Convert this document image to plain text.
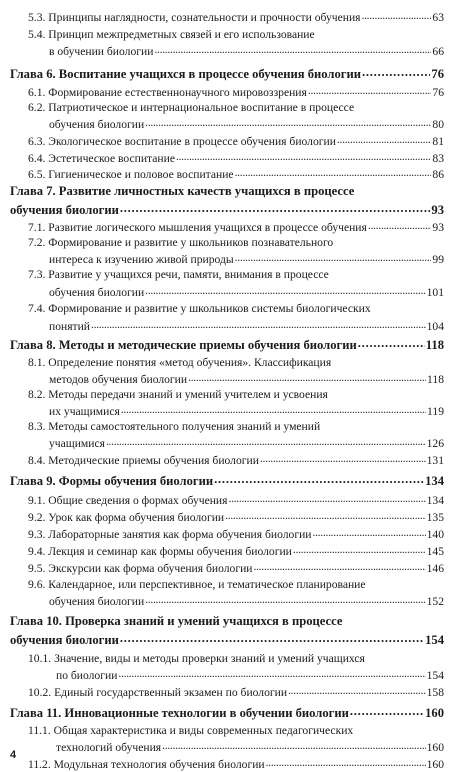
5.3. Принципы наглядности, сознательности и прочности обучения . . .	63
5.4. Принцип межпредметных связей и его использование
в обучении биологии . . .	66
Глава 6. Воспитание учащихся в процессе обучения биологии . . .	76
6.1. Формирование естественнонаучного мировоззрения . . .	76
6.2. Патриотическое и интернациональное воспитание в процессе
обучения биологии . . .	80
6.3. Экологическое воспитание в процессе обучения биологии . . .	81
6.4. Эстетическое воспитание . . .	83
6.5. Гигиеническое и половое воспитание . . .	86
Глава 7. Развитие личностных качеств учащихся в процессе
обучения биологии . . .	93
7.1. Развитие логического мышления учащихся в процессе обучения . . .	93
7.2. Формирование и развитие у школьников познавательного
интереса к изучению живой природы . . .	99
7.3. Развитие у учащихся речи, памяти, внимания в процессе
обучения биологии . . .	101
7.4. Формирование и развитие у школьников системы биологических
понятий . . .	104
Глава 8. Методы и методические приемы обучения биологии . . .	118
8.1. Определение понятия «метод обучения». Классификация
методов обучения биологии . . .	118
8.2. Методы передачи знаний и умений учителем и усвоения
их учащимися . . .	119
8.3. Методы самостоятельного получения знаний и умений
учащимися . . .	126
8.4. Методические приемы обучения биологии . . .	131
Глава 9. Формы обучения биологии . . .	134
9.1. Общие сведения о формах обучения . . .	134
9.2. Урок как форма обучения биологии . . .	135
9.3. Лабораторные занятия как форма обучения биологии . . .	140
9.4. Лекция и семинар как формы обучения биологии . . .	145
9.5. Экскурсии как форма обучения биологии . . .	146
9.6. Календарное, или перспективное, и тематическое планирование
обучения биологии . . .	152
Глава 10. Проверка знаний и умений учащихся в процессе
обучения биологии . . .	154
10.1. Значение, виды и методы проверки знаний и умений учащихся
по биологии . . .	154
10.2. Единый государственный экзамен по биологии . . .	158
Глава 11. Инновационные технологии в обучении биологии . . .	160
11.1. Общая характеристика и виды современных педагогических
технологий обучения . . .	160
11.2. Модульная технология обучения биологии . . .	160
4
